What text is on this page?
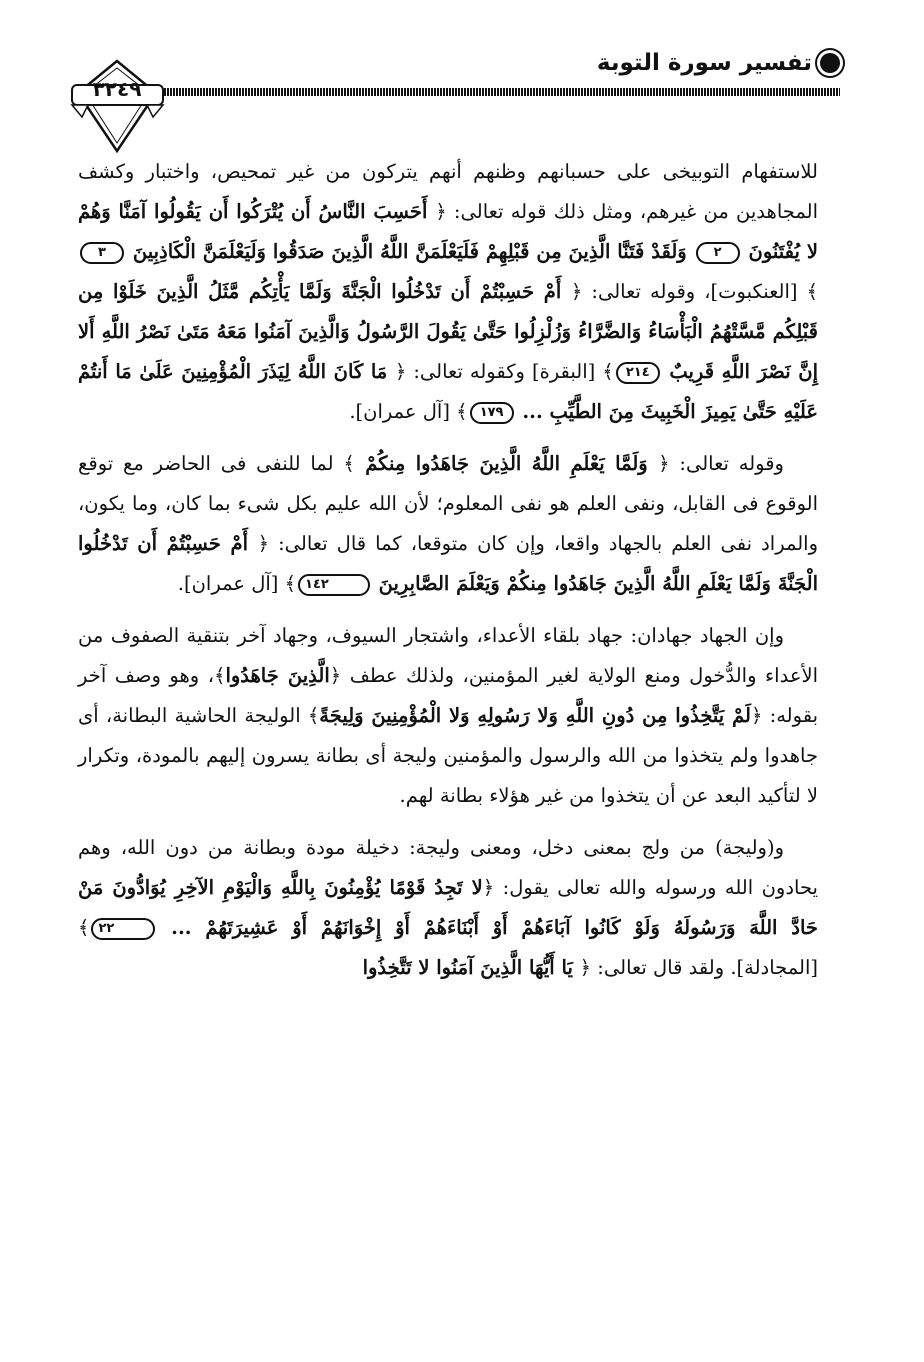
تفسير سورة التوبة
٣٢٤٩

للاستفهام التوبيخى على حسبانهم وظنهم أنهم يتركون من غير تمحيص، واختبار وكشف المجاهدين من غيرهم، ومثل ذلك قوله تعالى: ﴿ أَحَسِبَ النَّاسُ أَن يُتْرَكُوا أَن يَقُولُوا آمَنَّا وَهُمْ لا يُفْتَنُونَ ٢ وَلَقَدْ فَتَنَّا الَّذِينَ مِن قَبْلِهِمْ فَلَيَعْلَمَنَّ اللَّهُ الَّذِينَ صَدَقُوا وَلَيَعْلَمَنَّ الْكَاذِبِينَ ٣﴾ [العنكبوت]، وقوله تعالى: ﴿ أَمْ حَسِبْتُمْ أَن تَدْخُلُوا الْجَنَّةَ وَلَمَّا يَأْتِكُم مَّثَلُ الَّذِينَ خَلَوْا مِن قَبْلِكُم مَّسَّتْهُمُ الْبَأْسَاءُ وَالضَّرَّاءُ وَزُلْزِلُوا حَتَّىٰ يَقُولَ الرَّسُولُ وَالَّذِينَ آمَنُوا مَعَهُ مَتَىٰ نَصْرُ اللَّهِ أَلا إِنَّ نَصْرَ اللَّهِ قَرِيبٌ ٢١٤﴾ [البقرة] وكقوله تعالى: ﴿ مَا كَانَ اللَّهُ لِيَذَرَ الْمُؤْمِنِينَ عَلَىٰ مَا أَنتُمْ عَلَيْهِ حَتَّىٰ يَمِيزَ الْخَبِيثَ مِنَ الطَّيِّبِ ... ١٧٩﴾ [آل عمران].

وقوله تعالى: ﴿ وَلَمَّا يَعْلَمِ اللَّهُ الَّذِينَ جَاهَدُوا مِنكُمْ ﴾ لما للنفى فى الحاضر مع توقع الوقوع فى القابل، ونفى العلم هو نفى المعلوم؛ لأن الله عليم بكل شىء بما كان، وما يكون، والمراد نفى العلم بالجهاد واقعا، وإن كان متوقعا، كما قال تعالى: ﴿ أَمْ حَسِبْتُمْ أَن تَدْخُلُوا الْجَنَّةَ وَلَمَّا يَعْلَمِ اللَّهُ الَّذِينَ جَاهَدُوا مِنكُمْ وَيَعْلَمَ الصَّابِرِينَ ١٤٢﴾ [آل عمران].

وإن الجهاد جهادان: جهاد بلقاء الأعداء، واشتجار السيوف، وجهاد آخر بتنقية الصفوف من الأعداء والدُّخول ومنع الولاية لغير المؤمنين، ولذلك عطف ﴿الَّذِينَ جَاهَدُوا﴾، وهو وصف آخر بقوله: ﴿لَمْ يَتَّخِذُوا مِن دُونِ اللَّهِ وَلا رَسُولِهِ وَلا الْمُؤْمِنِينَ وَلِيجَةً﴾ الوليجة الحاشية البطانة، أى جاهدوا ولم يتخذوا من الله والرسول والمؤمنين وليجة أى بطانة يسرون إليهم بالمودة، وتكرار لا لتأكيد البعد عن أن يتخذوا من غير هؤلاء بطانة لهم.

و(وليجة) من ولج بمعنى دخل، ومعنى وليجة: دخيلة مودة وبطانة من دون الله، وهم يحادون الله ورسوله والله تعالى يقول: ﴿لا تَجِدُ قَوْمًا يُؤْمِنُونَ بِاللَّهِ وَالْيَوْمِ الآخِرِ يُوَادُّونَ مَنْ حَادَّ اللَّهَ وَرَسُولَهُ وَلَوْ كَانُوا آبَاءَهُمْ أَوْ أَبْنَاءَهُمْ أَوْ إِخْوَانَهُمْ أَوْ عَشِيرَتَهُمْ ... ٢٢﴾ [المجادلة]. ولقد قال تعالى: ﴿ يَا أَيُّهَا الَّذِينَ آمَنُوا لا تَتَّخِذُوا
